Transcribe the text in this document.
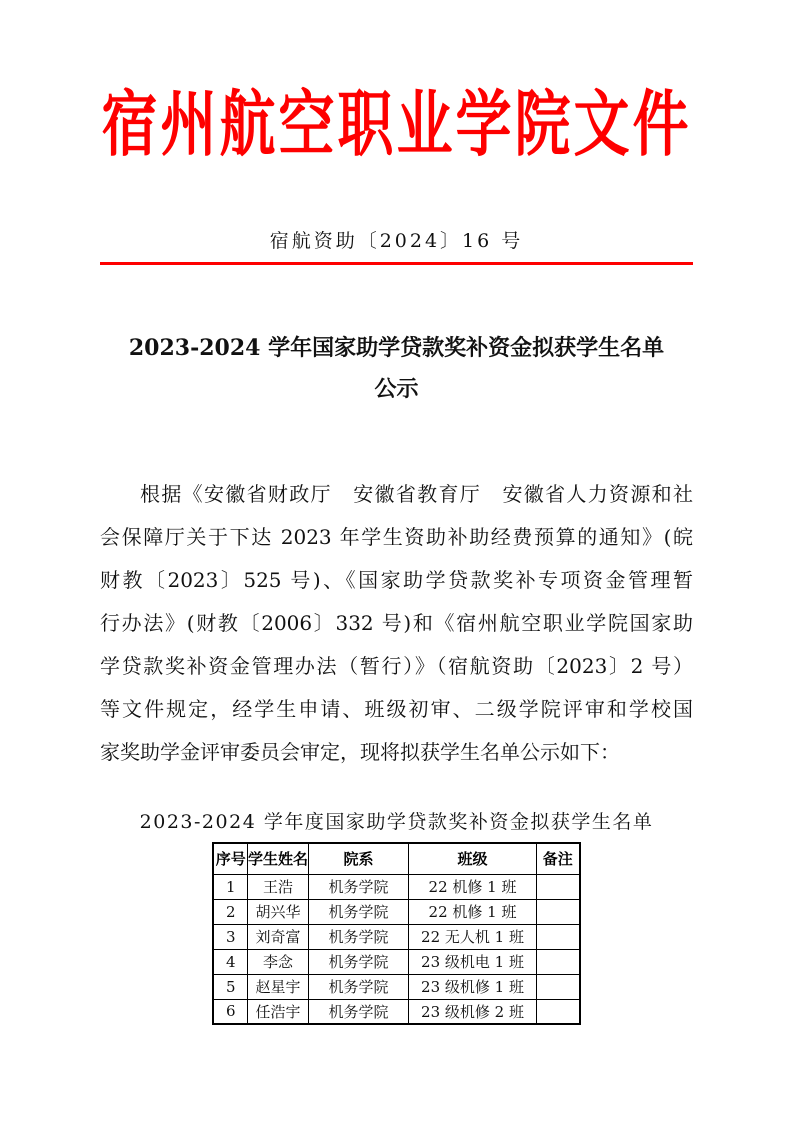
宿州航空职业学院文件
宿航资助〔2024〕16 号
2023-2024 学年国家助学贷款奖补资金拟获学生名单
公示
根据《安徽省财政厅　安徽省教育厅　安徽省人力资源和社
会保障厅关于下达 2023 年学生资助补助经费预算的通知》(皖
财教〔2023〕525 号)、《国家助学贷款奖补专项资金管理暂
行办法》(财教〔2006〕332 号)和《宿州航空职业学院国家助
学贷款奖补资金管理办法（暂行）》（宿航资助〔2023〕2 号）
等文件规定，经学生申请、班级初审、二级学院评审和学校国
家奖助学金评审委员会审定，现将拟获学生名单公示如下：
2023-2024 学年度国家助学贷款奖补资金拟获学生名单
序号	学生姓名	院系	班级	备注
1	王浩	机务学院	22 机修 1 班	
2	胡兴华	机务学院	22 机修 1 班	
3	刘奇富	机务学院	22 无人机 1 班	
4	李念	机务学院	23 级机电 1 班	
5	赵星宇	机务学院	23 级机修 1 班	
6	任浩宇	机务学院	23 级机修 2 班	
